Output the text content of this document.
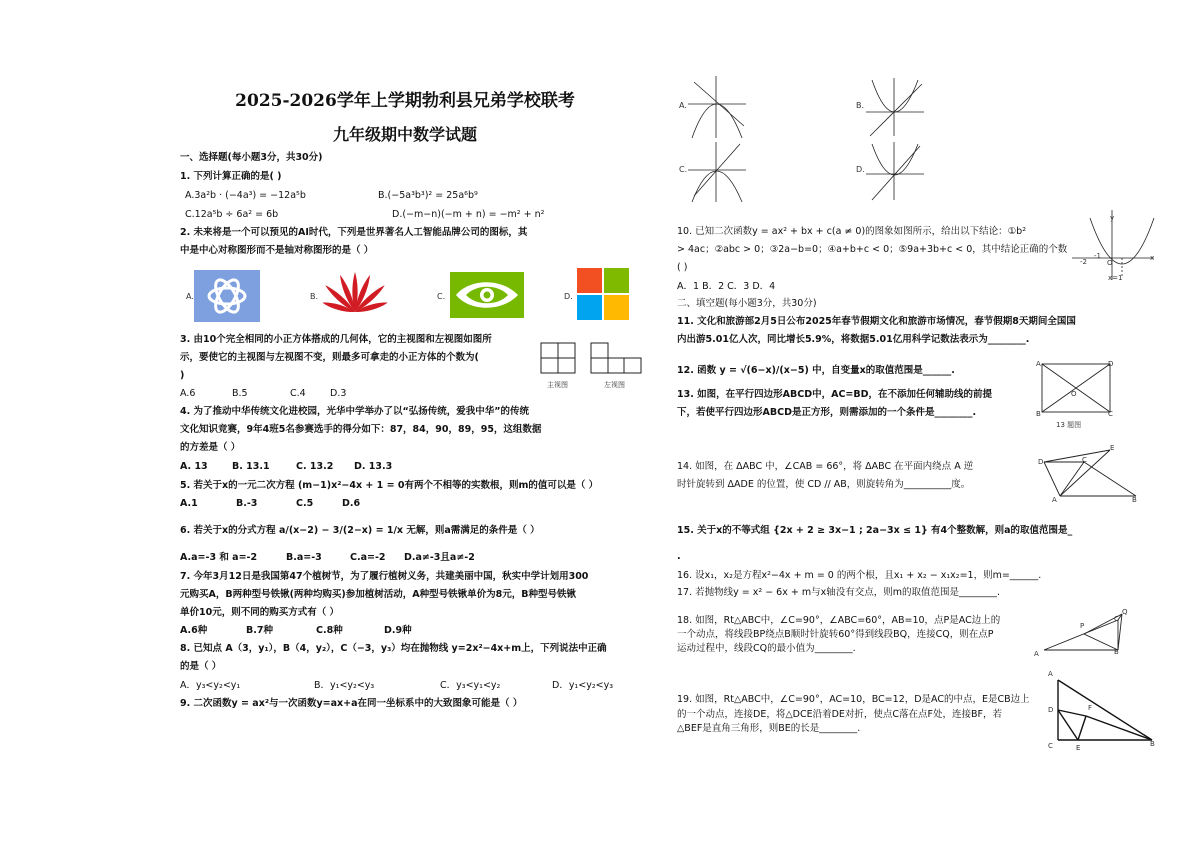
2025-2026学年上学期勃利县兄弟学校联考
九年级期中数学试题
一、选择题(每小题3分，共30分)
1. 下列计算正确的是( )
A.3a²b · (−4a³) = −12a⁵b	B.(−5a³b³)² = 25a⁶b⁹
C.12a⁵b ÷ 6a² = 6b	D.(−m−n)(−m + n) = −m² + n²
2. 未来将是一个可以预见的AI时代，下列是世界著名人工智能品牌公司的图标，其
中是中心对称图形而不是轴对称图形的是（ ）
A.	B.	C.	D.
3. 由10个完全相同的小正方体搭成的几何体，它的主视图和左视图如图所
示，要使它的主视图与左视图不变，则最多可拿走的小正方体的个数为(
)
A.6	B.5	C.4	D.3
主视图	左视图
4. 为了推动中华传统文化进校园，光华中学举办了以“弘扬传统，爱我中华”的传统
文化知识竞赛，9年4班5名参赛选手的得分如下：87，84，90，89，95，这组数据
的方差是（ ）
A. 13	B. 13.1	C. 13.2 D. 13.3
5. 若关于x的一元二次方程 (m−1)x²−4x + 1 = 0有两个不相等的实数根，则m的值可以是（ ）
A.1	B.-3	C.5	D.6
6. 若关于x的分式方程 a/(x−2) − 3/(2−x) = 1/x 无解，则a需满足的条件是（ ）
A.a=-3 和 a=-2	B.a=-3	C.a=-2 D.a≠-3且a≠-2
7. 今年3月12日是我国第47个植树节，为了履行植树义务，共建美丽中国，秋实中学计划用300
元购买A，B两种型号铁锹(两种均购买)参加植树活动，A种型号铁锹单价为8元，B种型号铁锹
单价10元，则不同的购买方式有（ ）
A.6种	B.7种	C.8种	D.9种
8. 已知点 A（3，y₁），B（4，y₂），C（−3，y₃）均在抛物线 y=2x²−4x+m上，下列说法中正确
的是（ ）
A．y₃<y₂<y₁	B．y₁<y₂<y₃	C．y₃<y₁<y₂	D．y₁<y₂<y₃
9. 二次函数y = ax²与一次函数y=ax+a在同一坐标系中的大致图象可能是（ ）
A.	B.
C.	D.
10. 已知二次函数y = ax² + bx + c(a ≠ 0)的图象如图所示，给出以下结论：①b²
> 4ac；②abc > 0；③2a−b=0；④a+b+c < 0；⑤9a+3b+c < 0，其中结论正确的个数
( )
A．1 B．2 C．3 D．4
y
x
-1
-2	O
x=1
二、填空题(每小题3分，共30分)
11. 文化和旅游部2月5日公布2025年春节假期文化和旅游市场情况，春节假期8天期间全国国
内出游5.01亿人次，同比增长5.9%，将数据5.01亿用科学记数法表示为________.
12. 函数 y = √(6−x)/(x−5) 中，自变量x的取值范围是______.
13. 如图，在平行四边形ABCD中，AC=BD，在不添加任何辅助线的前提
下，若使平行四边形ABCD是正方形，则需添加的一个条件是________.
A	D
B	C
O
13 题图
14. 如图，在 ΔABC 中，∠CAB = 66°，将 ΔABC 在平面内绕点 A 逆
时针旋转到 ΔADE 的位置，使 CD // AB，则旋转角为__________度。
D	C
E
A	B
15. 关于x的不等式组 {2x + 2 ≥ 3x−1 ; 2a−3x ≤ 1} 有4个整数解，则a的取值范围是_
.
16. 设x₁，x₂是方程x²−4x + m = 0 的两个根，且x₁ + x₂ − x₁x₂=1，则m=______.
17. 若抛物线y = x² − 6x + m与x轴没有交点，则m的取值范围是________.
18. 如图，Rt△ABC中，∠C=90°，∠ABC=60°，AB=10，点P是AC边上的
一个动点，将线段BP绕点B顺时针旋转60°得到线段BQ，连接CQ，则在点P
运动过程中，线段CQ的最小值为________.
Q
P
C
A	B
19. 如图，Rt△ABC中，∠C=90°，AC=10，BC=12，D是AC的中点，E是CB边上
的一个动点，连接DE，将△DCE沿着DE对折，使点C落在点F处，连接BF，若
△BEF是直角三角形，则BE的长是________.
A
D	F
C	E	B
